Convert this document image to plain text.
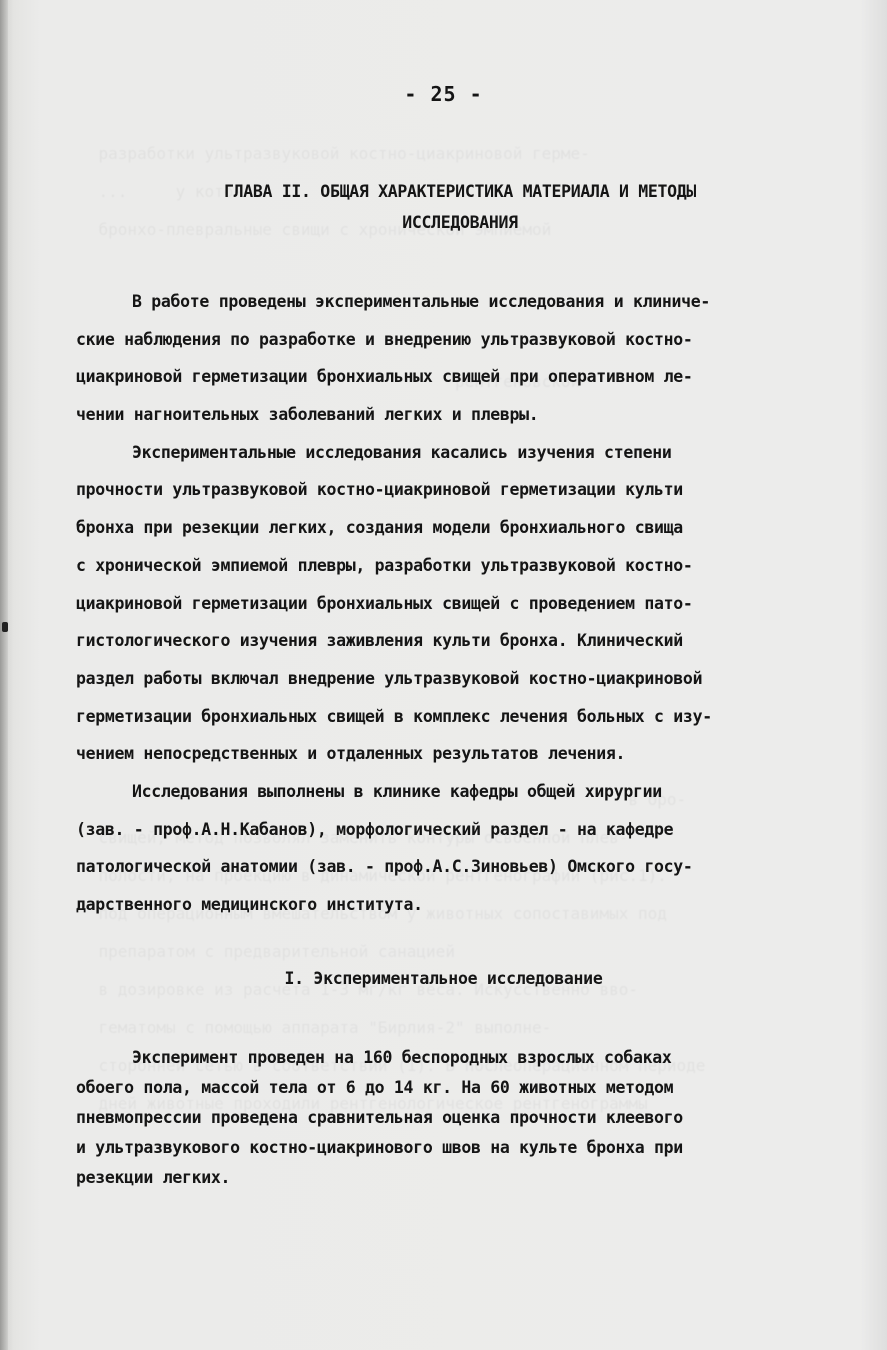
- 25 -
ГЛАВА II. ОБЩАЯ ХАРАКТЕРИСТИКА МАТЕРИАЛА И МЕТОДЫ
ИССЛЕДОВАНИЯ
В работе проведены экспериментальные исследования и клиниче-
ские наблюдения по разработке и внедрению ультразвуковой костно-
циакриновой герметизации бронхиальных свищей при оперативном ле-
чении нагноительных заболеваний легких и плевры.
Экспериментальные исследования касались изучения степени
прочности ультразвуковой костно-циакриновой герметизации культи
бронха при резекции легких, создания модели бронхиального свища
с хронической эмпиемой плевры, разработки ультразвуковой костно-
циакриновой герметизации бронхиальных свищей с проведением пато-
гистологического изучения заживления культи бронха. Клинический
раздел работы включал внедрение ультразвуковой костно-циакриновой
герметизации бронхиальных свищей в комплекс лечения больных с изу-
чением непосредственных и отдаленных результатов лечения.
Исследования выполнены в клинике кафедры общей хирургии
(зав. - проф.А.Н.Кабанов), морфологический раздел - на кафедре
патологической анатомии (зав. - проф.А.С.Зиновьев) Омского госу-
дарственного медицинского института.
I. Экспериментальное исследование
Эксперимент проведен на 160 беспородных взрослых собаках
обоего пола, массой тела от 6 до 14 кг. На 60 животных методом
пневмопрессии проведена сравнительная оценка прочности клеевого
и ультразвукового костно-циакринового швов на культе бронха при
резекции легких.
